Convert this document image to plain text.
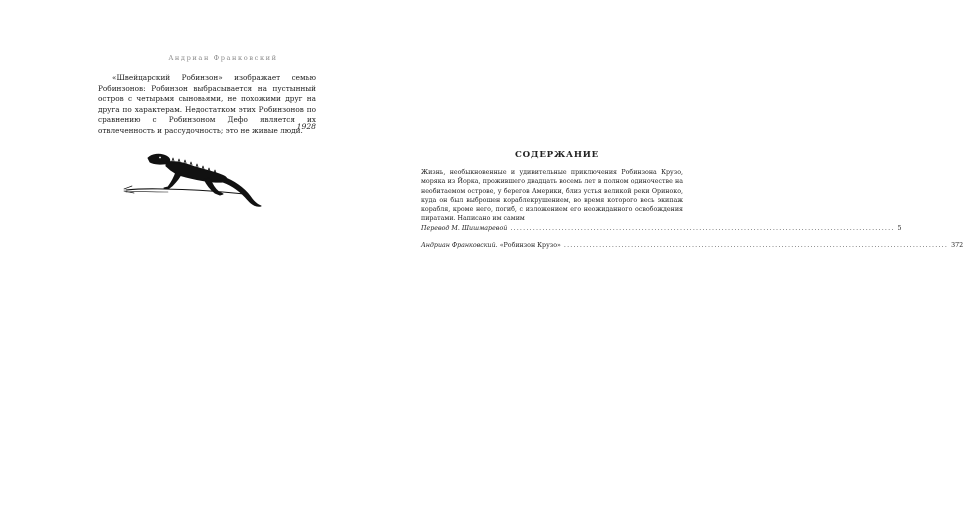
Андриан Франковский

«Швейцарский Робинзон» изображает семью Робинзонов: Робинзон выбрасывается на пустынный остров с четырьмя сыновьями, не похожими друг на друга по характерам. Недостатком этих Робинзонов по сравнению с Робинзоном Дефо является их отвлеченность и рассудочность; это не живые люди.

1928
СОДЕРЖАНИЕ
Жизнь, необыкновенные и удивительные приключения Робинзона Крузо, моряка из Йорка, прожившего двадцать восемь лет в полном одиночестве на необитаемом острове, у берегов Америки, близ устья великой реки Ориноко, куда он был выброшен кораблекрушением, во время которого весь экипаж корабля, кроме него, погиб, с изложением его неожиданного освобождения пиратами. Написано им самим
Перевод М. Шишмаревой ........................................................................................................................ 5
Андриан Франковский. «Робинзон Крузо» ........................................................................................................................ 372
